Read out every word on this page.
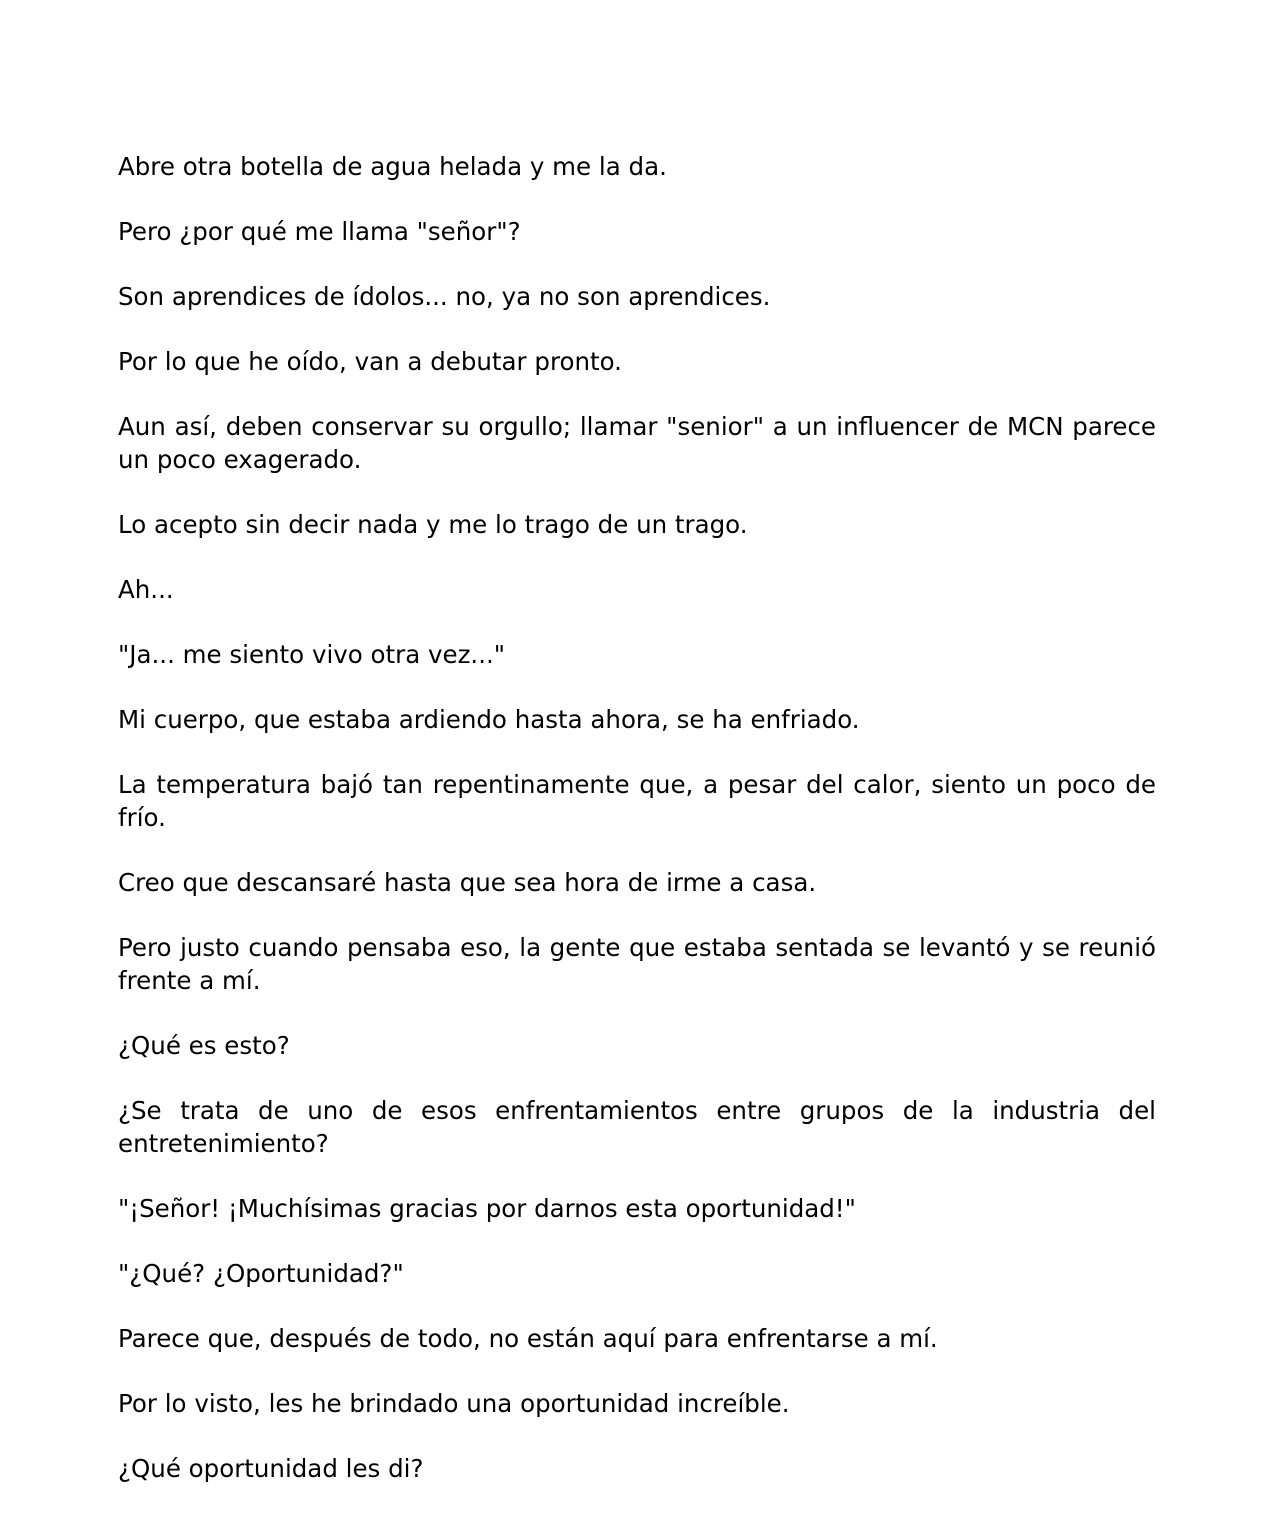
Abre otra botella de agua helada y me la da.

Pero ¿por qué me llama "señor"?

Son aprendices de ídolos... no, ya no son aprendices.

Por lo que he oído, van a debutar pronto.

Aun así, deben conservar su orgullo; llamar "senior" a un influencer de MCN parece un poco exagerado.

Lo acepto sin decir nada y me lo trago de un trago.

Ah...

"Ja... me siento vivo otra vez..."

Mi cuerpo, que estaba ardiendo hasta ahora, se ha enfriado.

La temperatura bajó tan repentinamente que, a pesar del calor, siento un poco de frío.

Creo que descansaré hasta que sea hora de irme a casa.

Pero justo cuando pensaba eso, la gente que estaba sentada se levantó y se reunió frente a mí.

¿Qué es esto?

¿Se trata de uno de esos enfrentamientos entre grupos de la industria del entretenimiento?

"¡Señor! ¡Muchísimas gracias por darnos esta oportunidad!"

"¿Qué? ¿Oportunidad?"

Parece que, después de todo, no están aquí para enfrentarse a mí.

Por lo visto, les he brindado una oportunidad increíble.

¿Qué oportunidad les di?
